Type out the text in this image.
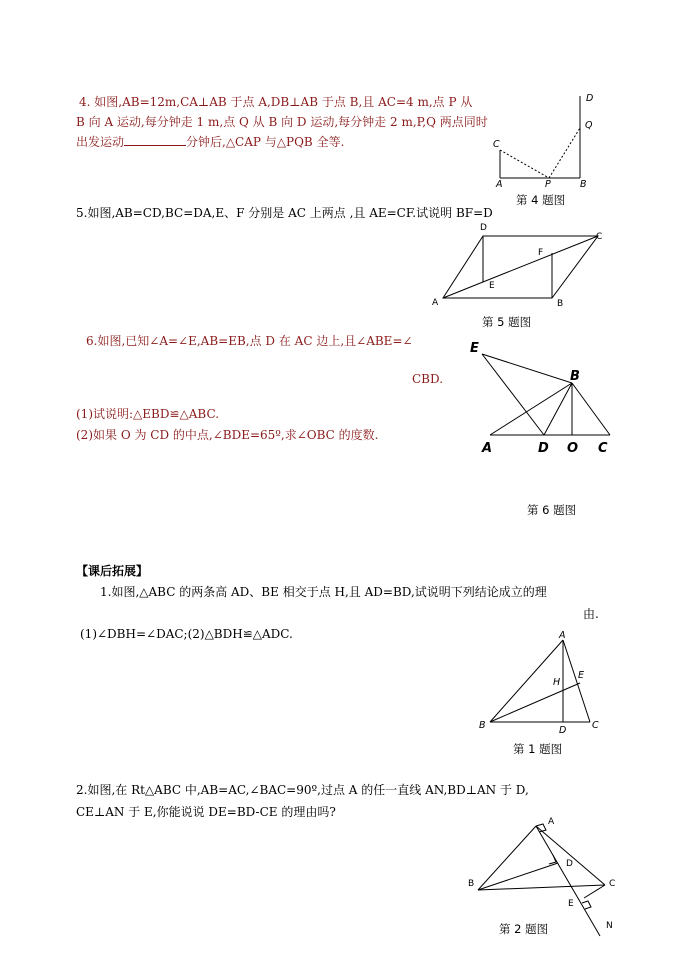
4. 如图,AB=12m,CA⊥AB 于点 A,DB⊥AB 于点 B,且 AC=4 m,点 P 从
B 向 A 运动,每分钟走 1 m,点 Q 从 B 向 D 运动,每分钟走 2 m,P,Q 两点同时
出发运动	分钟后,△CAP 与△PQB 全等.
D
Q
C
A	P	B
第 4 题图
5.如图,AB=CD,BC=DA,E、F 分别是 AC 上两点 ,且 AE=CF.试说明 BF=D
D
C
F
E
A	B
第 5 题图
6.如图,已知∠A=∠E,AB=EB,点 D 在 AC 边上,且∠ABE=∠
CBD.
(1)试说明:△EBD≌△ABC.
(2)如果 O 为 CD 的中点,∠BDE=65º,求∠OBC 的度数.
E
B
A	D O C
第 6 题图
【课后拓展】
1.如图,△ABC 的两条高 AD、BE 相交于点 H,且 AD=BD,试说明下列结论成立的理
由.
(1)∠DBH=∠DAC;(2)△BDH≌△ADC.	A
E
H
B	D	C
第 1 题图
2.如图,在 Rt△ABC 中,AB=AC,∠BAC=90º,过点 A 的任一直线 AN,BD⊥AN 于 D,
CE⊥AN 于 E,你能说说 DE=BD-CE 的理由吗?
A
D
B	C
E
N
第 2 题图
